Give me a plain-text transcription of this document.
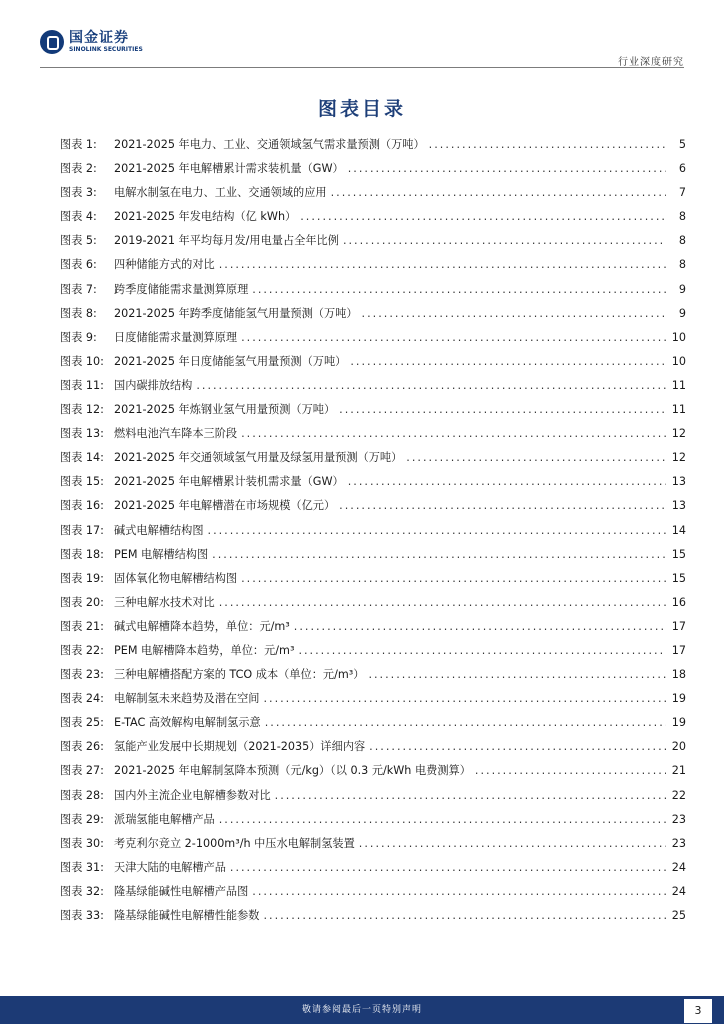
国金证券
SINOLINK SECURITIES
行业深度研究
图表目录
图表 1:	2021-2025 年电力、工业、交通领域氢气需求量预测（万吨） .....	5
图表 2:	2021-2025 年电解槽累计需求装机量（GW） .....	6
图表 3:	电解水制氢在电力、工业、交通领域的应用 .....	7
图表 4:	2021-2025 年发电结构（亿 kWh） .....	8
图表 5:	2019-2021 年平均每月发/用电量占全年比例 .....	8
图表 6:	四种储能方式的对比 .....	8
图表 7:	跨季度储能需求量测算原理 .....	9
图表 8:	2021-2025 年跨季度储能氢气用量预测（万吨） .....	9
图表 9:	日度储能需求量测算原理 .....	10
图表 10: 2021-2025 年日度储能氢气用量预测（万吨） .....	10
图表 11: 国内碳排放结构 .....	11
图表 12: 2021-2025 年炼钢业氢气用量预测（万吨） .....	11
图表 13: 燃料电池汽车降本三阶段 .....	12
图表 14: 2021-2025 年交通领域氢气用量及绿氢用量预测（万吨） .....	12
图表 15: 2021-2025 年电解槽累计装机需求量（GW） .....	13
图表 16: 2021-2025 年电解槽潜在市场规模（亿元） .....	13
图表 17: 碱式电解槽结构图 .....	14
图表 18: PEM 电解槽结构图 .....	15
图表 19: 固体氧化物电解槽结构图 .....	15
图表 20: 三种电解水技术对比 .....	16
图表 21: 碱式电解槽降本趋势，单位：元/m³ .....	17
图表 22: PEM 电解槽降本趋势，单位：元/m³ .....	17
图表 23: 三种电解槽搭配方案的 TCO 成本（单位：元/m³） .....	18
图表 24: 电解制氢未来趋势及潜在空间 .....	19
图表 25: E-TAC 高效解构电解制氢示意 .....	19
图表 26: 氢能产业发展中长期规划（2021-2035）详细内容 .....	20
图表 27: 2021-2025 年电解制氢降本预测（元/kg）（以 0.3 元/kWh 电费测算） .....	21
图表 28: 国内外主流企业电解槽参数对比 .....	22
图表 29: 派瑞氢能电解槽产品 .....	23
图表 30: 考克利尔竞立 2-1000m³/h 中压水电解制氢装置 .....	23
图表 31: 天津大陆的电解槽产品 .....	24
图表 32: 隆基绿能碱性电解槽产品图 .....	24
图表 33: 隆基绿能碱性电解槽性能参数 .....	25
敬请参阅最后一页特别声明	3
